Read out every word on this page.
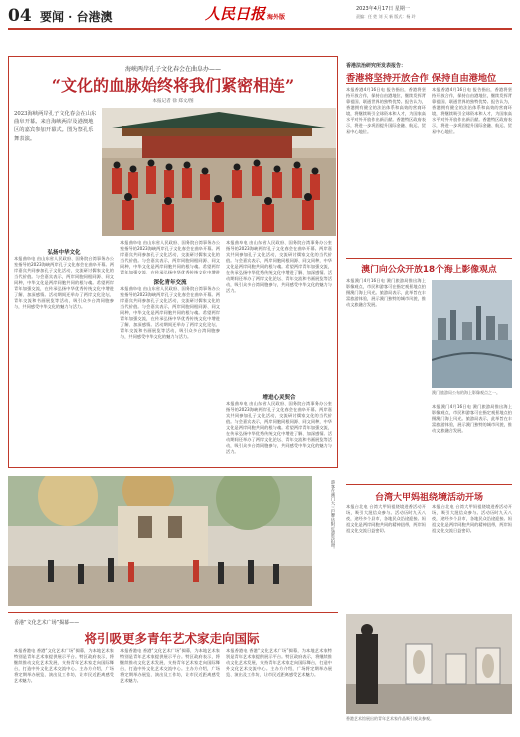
04 要闻 · 台港澳	人民日报 海外版
2023年4月17日 星期一
责编：任 姓 刘 天 新 版式：杨 玲
海峡两岸孔子文化春会在曲阜办——
“文化的血脉始终将我们紧密相连”
本报记者 徐 郑文/图
2023海峡两岸孔子文化春会在山东曲阜开幕。来自海峡两岸及港澳地区的嘉宾参加开幕式。图为祭孔乐舞表演。
弘扬中华文化
本报曲阜电 由山东省人民政府、国务院台湾事务办公室指导的2023海峡两岸孔子文化春会在曲阜开幕。两岸嘉宾共同参加孔子文化活动，交流研讨儒家文化的当代价值。与会嘉宾表示，两岸同胞同根同源、同文同种，中华文化是两岸同胞共同的根与魂。希望两岸青年加强交流，在传承弘扬中华优秀传统文化中增进了解、加深感情。活动期间还举办了两岸文化论坛、青年交流和书画展览等活动，吸引众多台湾同胞参与，共同感受中华文化的魅力与活力。
本报曲阜电 由山东省人民政府、国务院台湾事务办公室指导的2023海峡两岸孔子文化春会在曲阜开幕。两岸嘉宾共同参加孔子文化活动，交流研讨儒家文化的当代价值。与会嘉宾表示，两岸同胞同根同源、同文同种，中华文化是两岸同胞共同的根与魂。希望两岸青年加强交流，在传承弘扬中华优秀传统文化中增进
深化青年交流
本报曲阜电 由山东省人民政府、国务院台湾事务办公室指导的2023海峡两岸孔子文化春会在曲阜开幕。两岸嘉宾共同参加孔子文化活动，交流研讨儒家文化的当代价值。与会嘉宾表示，两岸同胞同根同源、同文同种，中华文化是两岸同胞共同的根与魂。希望两岸青年加强交流，在传承弘扬中华优秀传统文化中增进了解、加深感情。活动期间还举办了两岸文化论坛、青年交流和书画展览等活动，吸引众多台湾同胞参与，共同感受中华文化的魅力与活力。
本报曲阜电 由山东省人民政府、国务院台湾事务办公室指导的2023海峡两岸孔子文化春会在曲阜开幕。两岸嘉宾共同参加孔子文化活动，交流研讨儒家文化的当代价值。与会嘉宾表示，两岸同胞同根同源、同文同种，中华文化是两岸同胞共同的根与魂。希望两岸青年加强交流，在传承弘扬中华优秀传统文化中增进了解、加深感情。活动期间还举办了两岸文化论坛、青年交流和书画展览等活动，吸引众多台湾同胞参与，共同感受中华文化的魅力与活力。
增进心灵契合
本报曲阜电 由山东省人民政府、国务院台湾事务办公室指导的2023海峡两岸孔子文化春会在曲阜开幕。两岸嘉宾共同参加孔子文化活动，交流研讨儒家文化的当代价值。与会嘉宾表示，两岸同胞同根同源、同文同种，中华文化是两岸同胞共同的根与魂。希望两岸青年加强交流，在传承弘扬中华优秀传统文化中增进了解、加深感情。活动期间还举办了两岸文化论坛、青年交流和书画展览等活动，吸引众多台湾同胞参与，共同感受中华文化的魅力与活力。
香港法治研究所发表报告：
香港将坚持开放合作 保持自由港地位
本报香港4月16日电 报告指出，香港将坚持开放合作，保持自由港地位，继续发挥背靠祖国、联通世界的独特优势。报告认为，香港拥有健全的法治体系和高效的营商环境，将继续吸引全球资本和人才，为国家高水平对外开放作出新贡献。香港特区政府表示，将进一步巩固提升国际金融、航运、贸易中心地位。
本报香港4月16日电 报告指出，香港将坚持开放合作，保持自由港地位，继续发挥背靠祖国、联通世界的独特优势。报告认为，香港拥有健全的法治体系和高效的营商环境，将继续吸引全球资本和人才，为国家高水平对外开放作出新贡献。香港特区政府表示，将进一步巩固提升国际金融、航运、贸易中心地位。
澳门向公众开放18个海上影像观点
本报澳门4月16日电 澳门旅游局推出海上影像观点，市民和游客可在指定观景地点拍摄澳门海上风光。旅游局表示，此举旨在丰富旅游体验，展示澳门独特的城市风貌，推动文旅融合发展。
澳门旅游局公布的海上影像观点之一。
本报澳门4月16日电 澳门旅游局推出海上影像观点，市民和游客可在指定观景地点拍摄澳门海上风光。旅游局表示，此举旨在丰富旅游体验，展示澳门独特的城市风貌，推动文旅融合发展。
台湾大甲妈祖绕境活动开场
本报台北电 台湾大甲妈祖绕境进香活动开场，吸引大批信众参与。活动历时九天八夜，途经多个县市，各地民众沿途迎接。妈祖文化是两岸同胞共同的精神纽带，两岸妈祖文化交流日益密切。
本报台北电 台湾大甲妈祖绕境进香活动开场，吸引大批信众参与。活动历时九天八夜，途经多个县市，各地民众沿途迎接。妈祖文化是两岸同胞共同的精神纽带，两岸妈祖文化交流日益密切。
游客在澳门大三巴牌坊附近游览拍照。
香港“文化艺术广场”揭幕——
将引吸更多青年艺术家走向国际
本报香港电 香港“文化艺术广场”揭幕，为本地艺术家特别是青年艺术家提供展示平台。特区政府表示，将继续推动文化艺术发展，支持青年艺术家走向国际舞台，打造中外文化艺术交流中心。主办方介绍，广场将定期举办展览、演出及工作坊，让市民近距离感受艺术魅力。
本报香港电 香港“文化艺术广场”揭幕，为本地艺术家特别是青年艺术家提供展示平台。特区政府表示，将继续推动文化艺术发展，支持青年艺术家走向国际舞台，打造中外文化艺术交流中心。主办方介绍，广场将定期举办展览、演出及工作坊，让市民近距离感受艺术魅力。
本报香港电 香港“文化艺术广场”揭幕，为本地艺术家特别是青年艺术家提供展示平台。特区政府表示，将继续推动文化艺术发展，支持青年艺术家走向国际舞台，打造中外文化艺术交流中心。主办方介绍，广场将定期举办展览、演出及工作坊，让市民近距离感受艺术魅力。
香港艺术馆展出的青年艺术家作品吸引观众参观。
